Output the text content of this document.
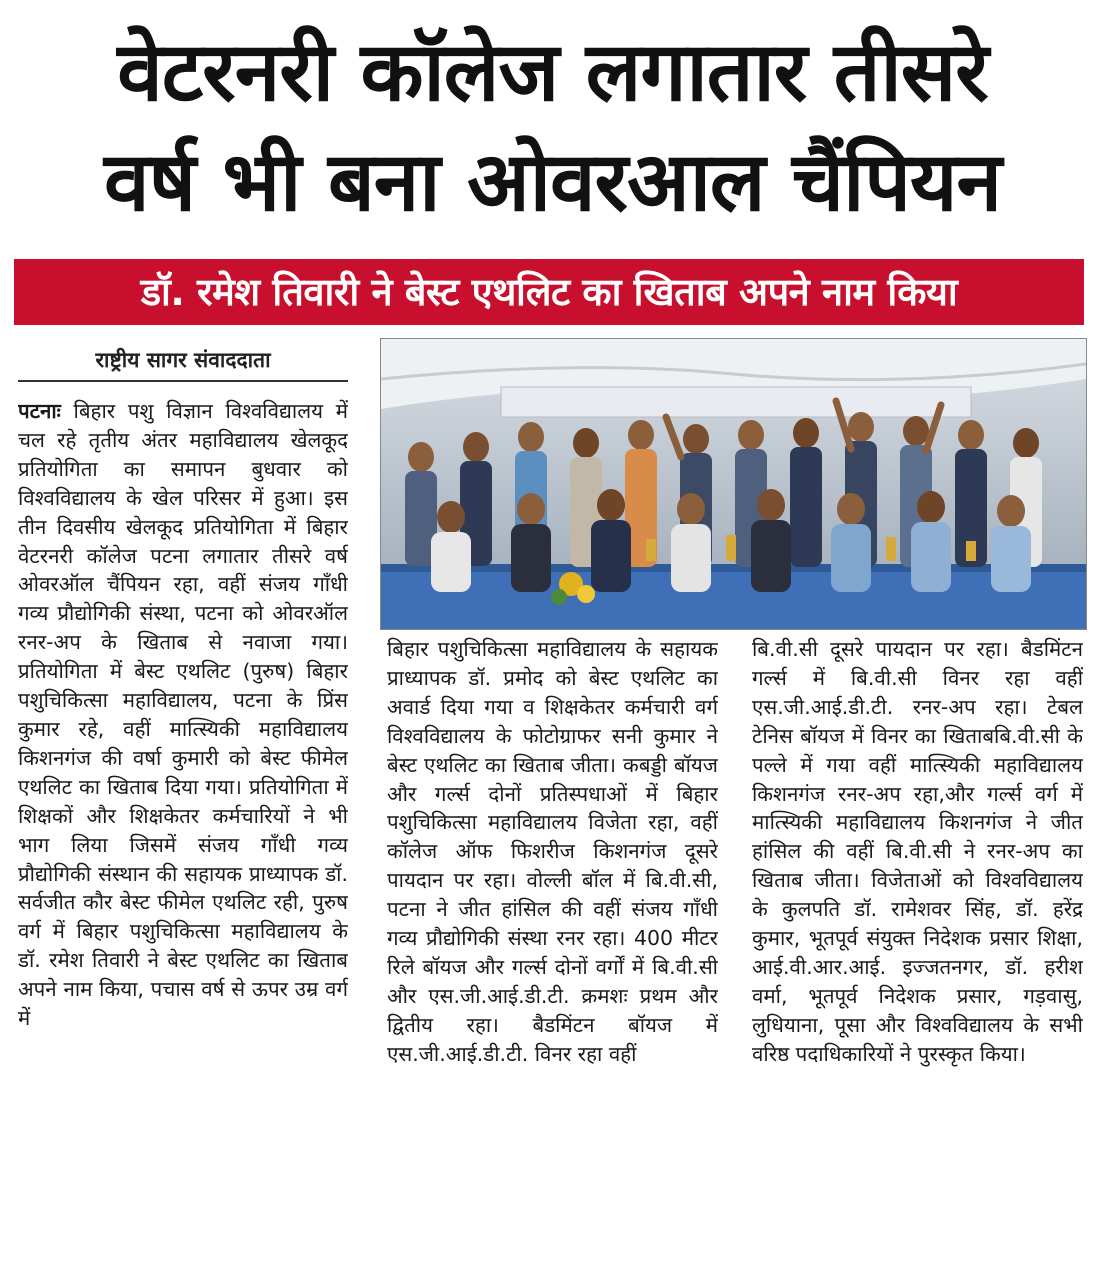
वेटरनरी कॉलेज लगातार तीसरे
वर्ष भी बना ओवरआल चैंपियन
डॉ. रमेश तिवारी ने बेस्ट एथलिट का खिताब अपने नाम किया
राष्ट्रीय सागर संवाददाता

पटनाः बिहार पशु विज्ञान विश्वविद्यालय में चल रहे तृतीय अंतर महाविद्यालय खेलकूद प्रतियोगिता का समापन बुधवार को विश्वविद्यालय के खेल परिसर में हुआ। इस तीन दिवसीय खेलकूद प्रतियोगिता में बिहार वेटरनरी कॉलेज पटना लगातार तीसरे वर्ष ओवरऑल चैंपियन रहा, वहीं संजय गाँधी गव्य प्रौद्योगिकी संस्था, पटना को ओवरऑल रनर-अप के खिताब से नवाजा गया। प्रतियोगिता में बेस्ट एथलिट (पुरुष) बिहार पशुचिकित्सा महाविद्यालय, पटना के प्रिंस कुमार रहे, वहीं मात्स्यिकी महाविद्यालय किशनगंज की वर्षा कुमारी को बेस्ट फीमेल एथलिट का खिताब दिया गया। प्रतियोगिता में शिक्षकों और शिक्षकेतर कर्मचारियों ने भी भाग लिया जिसमें संजय गाँधी गव्य प्रौद्योगिकी संस्थान की सहायक प्राध्यापक डॉ. सर्वजीत कौर बेस्ट फीमेल एथलिट रही, पुरुष वर्ग में बिहार पशुचिकित्सा महाविद्यालय के डॉ. रमेश तिवारी ने बेस्ट एथलिट का खिताब अपने नाम किया, पचास वर्ष से ऊपर उम्र वर्ग में

बिहार पशुचिकित्सा महाविद्यालय के सहायक प्राध्यापक डॉ. प्रमोद को बेस्ट एथलिट का अवार्ड दिया गया व शिक्षकेतर कर्मचारी वर्ग विश्वविद्यालय के फोटोग्राफर सनी कुमार ने बेस्ट एथलिट का खिताब जीता। कबड्डी बॉयज और गर्ल्स दोनों प्रतिस्पधाओं में बिहार पशुचिकित्सा महाविद्यालय विजेता रहा, वहीं कॉलेज ऑफ फिशरीज किशनगंज दूसरे पायदान पर रहा। वोल्ली बॉल में बि.वी.सी, पटना ने जीत हांसिल की वहीं संजय गाँधी गव्य प्रौद्योगिकी संस्था रनर रहा। 400 मीटर रिले बॉयज और गर्ल्स दोनों वर्गों में बि.वी.सी और एस.जी.आई.डी.टी. क्रमशः प्रथम और द्वितीय रहा। बैडमिंटन बॉयज में एस.जी.आई.डी.टी. विनर रहा वहीं

बि.वी.सी दूसरे पायदान पर रहा। बैडमिंटन गर्ल्स में बि.वी.सी विनर रहा वहीं एस.जी.आई.डी.टी. रनर-अप रहा। टेबल टेनिस बॉयज में विनर का खिताबबि.वी.सी के पल्ले में गया वहीं मात्स्यिकी महाविद्यालय किशनगंज रनर-अप रहा,और गर्ल्स वर्ग में मात्स्यिकी महाविद्यालय किशनगंज ने जीत हांसिल की वहीं बि.वी.सी ने रनर-अप का खिताब जीता। विजेताओं को विश्वविद्यालय के कुलपति डॉ. रामेशवर सिंह, डॉ. हरेंद्र कुमार, भूतपूर्व संयुक्त निदेशक प्रसार शिक्षा, आई.वी.आर.आई. इज्जतनगर, डॉ. हरीश वर्मा, भूतपूर्व निदेशक प्रसार, गड़वासु, लुधियाना, पूसा और विश्वविद्यालय के सभी वरिष्ठ पदाधिकारियों ने पुरस्कृत किया।
